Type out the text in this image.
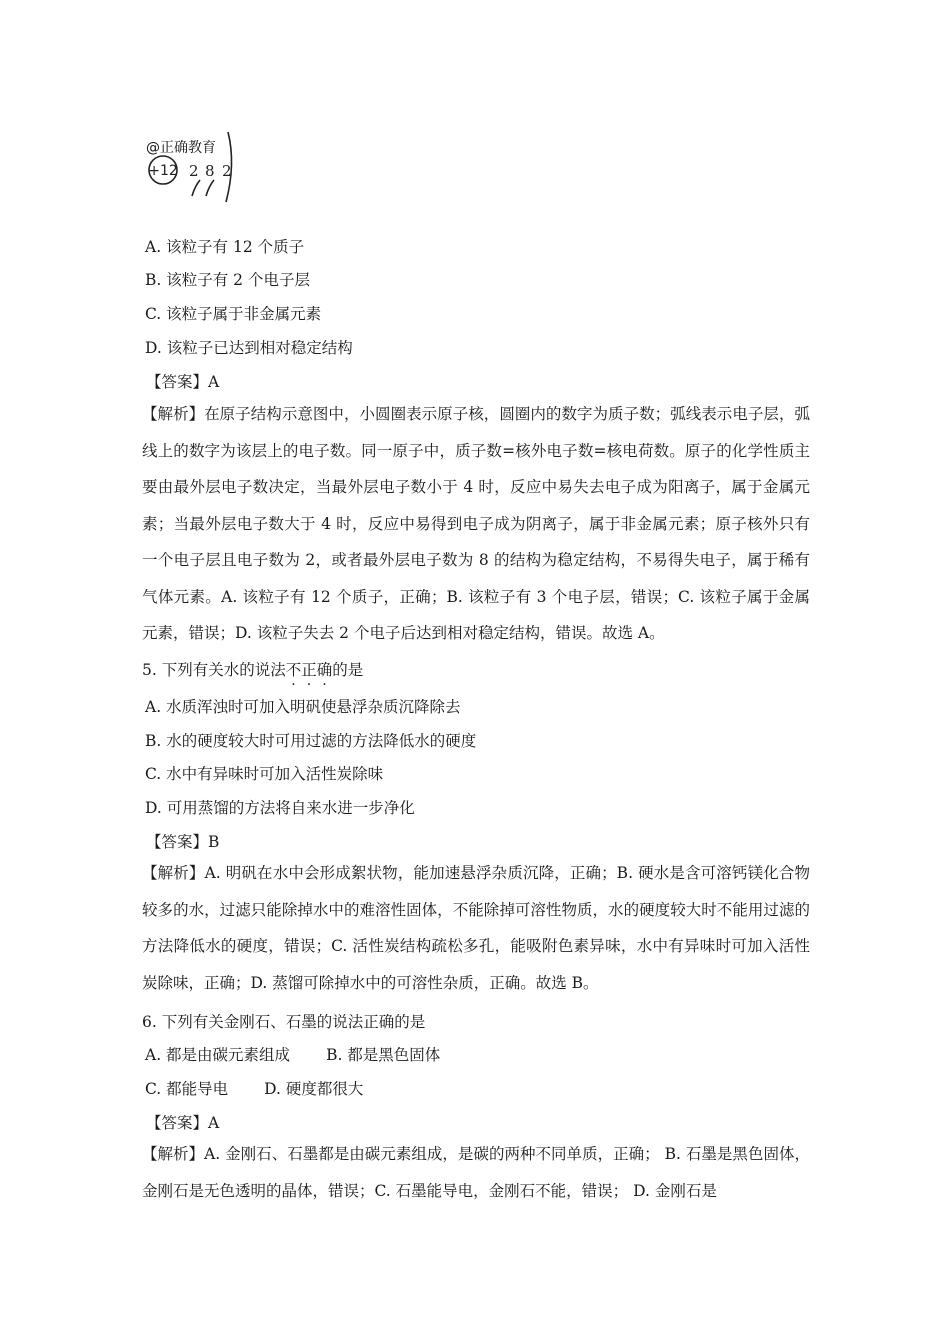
+12 2 8 2
@正确教育
A. 该粒子有 12 个质子
B. 该粒子有 2 个电子层
C. 该粒子属于非金属元素
D. 该粒子已达到相对稳定结构
【答案】A
【解析】在原子结构示意图中，小圆圈表示原子核，圆圈内的数字为质子数；弧线表示电子层，弧线上的数字为该层上的电子数。同一原子中，质子数=核外电子数=核电荷数。原子的化学性质主要由最外层电子数决定，当最外层电子数小于 4 时，反应中易失去电子成为阳离子，属于金属元素；当最外层电子数大于 4 时，反应中易得到电子成为阴离子，属于非金属元素；原子核外只有一个电子层且电子数为 2，或者最外层电子数为 8 的结构为稳定结构，不易得失电子，属于稀有气体元素。A. 该粒子有 12 个质子，正确；B. 该粒子有 3 个电子层，错误；C. 该粒子属于金属元素，错误；D. 该粒子失去 2 个电子后达到相对稳定结构，错误。故选 A。
5. 下列有关水的说法不正确的是
A. 水质浑浊时可加入明矾使悬浮杂质沉降除去
B. 水的硬度较大时可用过滤的方法降低水的硬度
C. 水中有异味时可加入活性炭除味
D. 可用蒸馏的方法将自来水进一步净化
【答案】B
【解析】A. 明矾在水中会形成絮状物，能加速悬浮杂质沉降，正确；B. 硬水是含可溶钙镁化合物较多的水，过滤只能除掉水中的难溶性固体，不能除掉可溶性物质，水的硬度较大时不能用过滤的方法降低水的硬度，错误；C. 活性炭结构疏松多孔，能吸附色素异味，水中有异味时可加入活性炭除味，正确；D. 蒸馏可除掉水中的可溶性杂质，正确。故选 B。
6. 下列有关金刚石、石墨的说法正确的是
A. 都是由碳元素组成 B. 都是黑色固体
C. 都能导电 D. 硬度都很大
【答案】A
【解析】A. 金刚石、石墨都是由碳元素组成，是碳的两种不同单质，正确； B. 石墨是黑色固体，金刚石是无色透明的晶体，错误；C. 石墨能导电，金刚石不能，错误； D. 金刚石是
